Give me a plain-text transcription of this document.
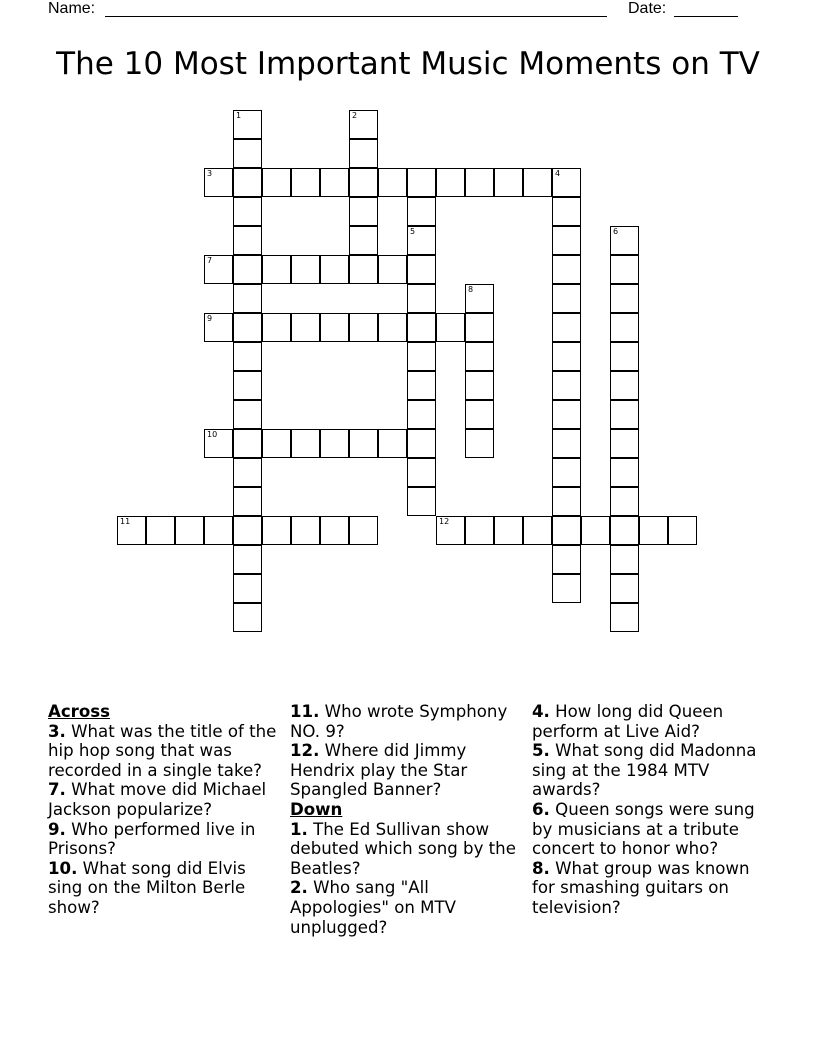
Name:	Date:
The 10 Most Important Music Moments on TV
1	2
3	4
5	6
7
8
9
10
11	12

Across

3. What was the title of the hip hop song that was recorded in a single take?

7. What move did Michael Jackson popularize?

9. Who performed live in Prisons?

10. What song did Elvis sing on the Milton Berle show?

11. Who wrote Symphony NO. 9?

12. Where did Jimmy Hendrix play the Star Spangled Banner?

Down

1. The Ed Sullivan show debuted which song by the Beatles?

2. Who sang "All Appologies" on MTV unplugged?

4. How long did Queen perform at Live Aid?

5. What song did Madonna sing at the 1984 MTV awards?

6. Queen songs were sung by musicians at a tribute concert to honor who?

8. What group was known for smashing guitars on television?
